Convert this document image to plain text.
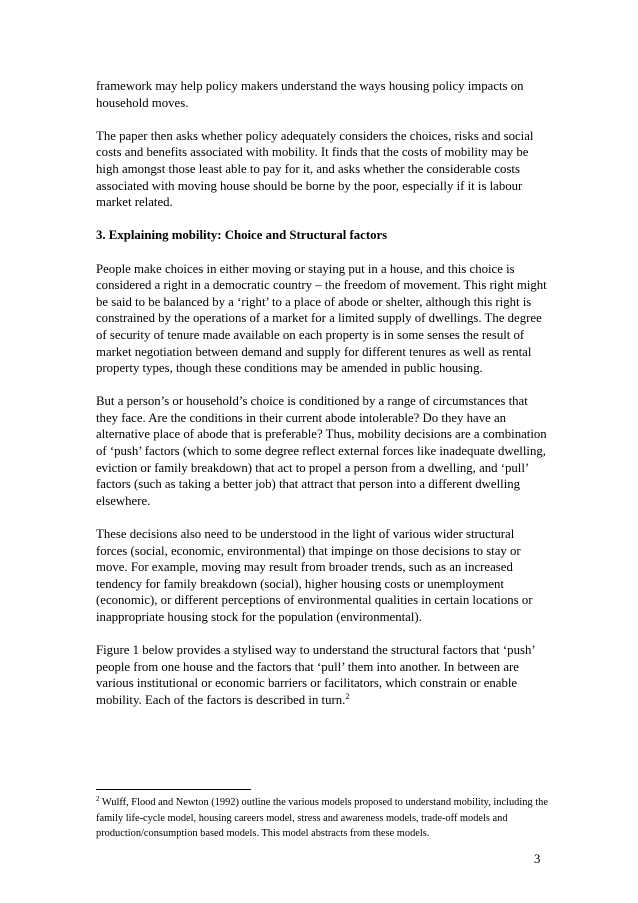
framework may help policy makers understand the ways housing policy impacts on household moves.

The paper then asks whether policy adequately considers the choices, risks and social costs and benefits associated with mobility. It finds that the costs of mobility may be high amongst those least able to pay for it, and asks whether the considerable costs associated with moving house should be borne by the poor, especially if it is labour market related.

3. Explaining mobility: Choice and Structural factors

People make choices in either moving or staying put in a house, and this choice is considered a right in a democratic country – the freedom of movement. This right might be said to be balanced by a ‘right’ to a place of abode or shelter, although this right is constrained by the operations of a market for a limited supply of dwellings. The degree of security of tenure made available on each property is in some senses the result of market negotiation between demand and supply for different tenures as well as rental property types, though these conditions may be amended in public housing.

But a person’s or household’s choice is conditioned by a range of circumstances that they face. Are the conditions in their current abode intolerable? Do they have an alternative place of abode that is preferable? Thus, mobility decisions are a combination of ‘push’ factors (which to some degree reflect external forces like inadequate dwelling, eviction or family breakdown) that act to propel a person from a dwelling, and ‘pull’ factors (such as taking a better job) that attract that person into a different dwelling elsewhere.

These decisions also need to be understood in the light of various wider structural forces (social, economic, environmental) that impinge on those decisions to stay or move. For example, moving may result from broader trends, such as an increased tendency for family breakdown (social), higher housing costs or unemployment (economic), or different perceptions of environmental qualities in certain locations or inappropriate housing stock for the population (environmental).

Figure 1 below provides a stylised way to understand the structural factors that ‘push’ people from one house and the factors that ‘pull’ them into another. In between are various institutional or economic barriers or facilitators, which constrain or enable mobility. Each of the factors is described in turn.$^2$

$^2$ Wulff, Flood and Newton (1992) outline the various models proposed to understand mobility, including the family life-cycle model, housing careers model, stress and awareness models, trade-off models and production/consumption based models. This model abstracts from these models.
3
